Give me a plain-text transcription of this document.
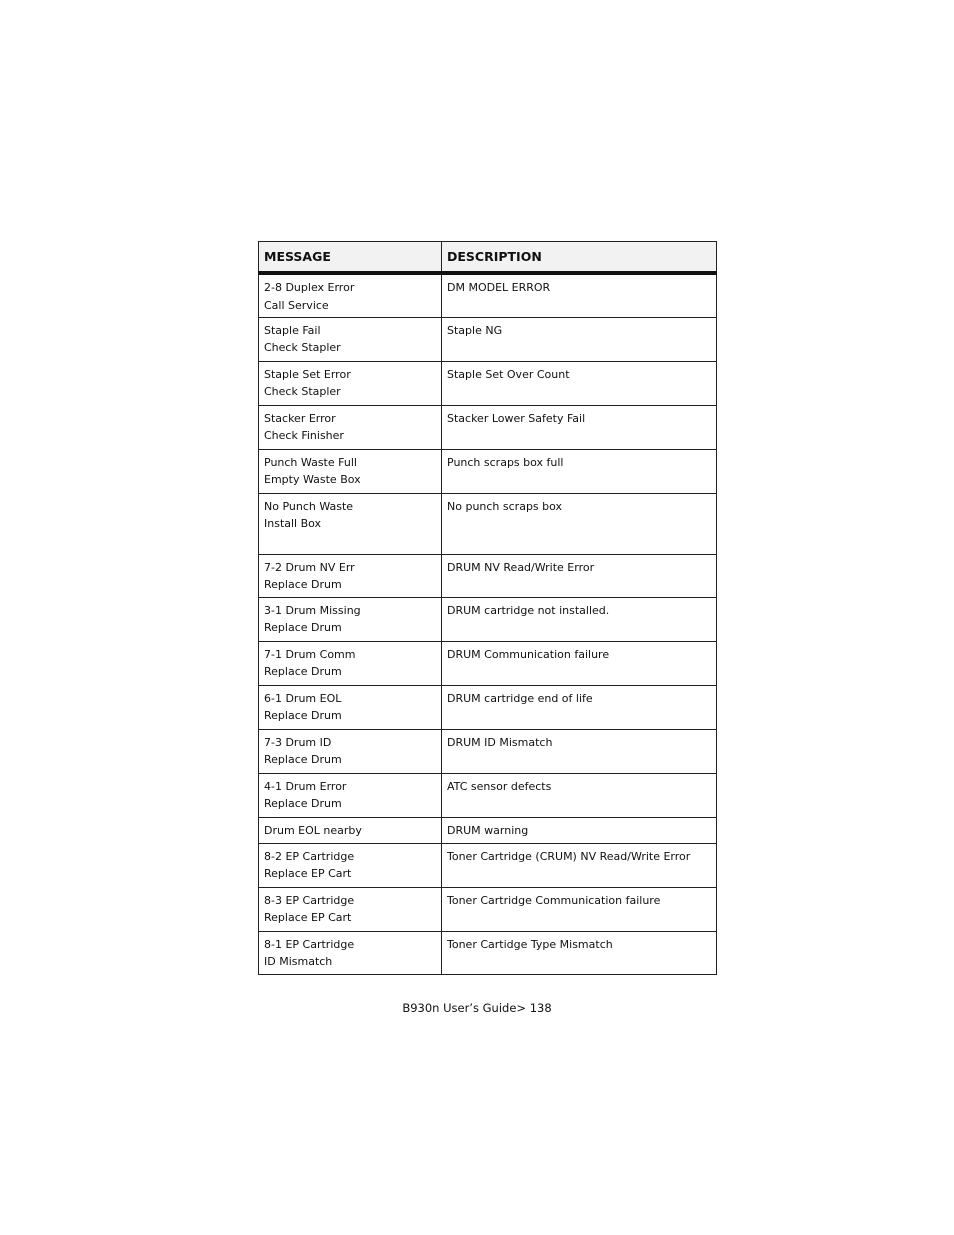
MESSAGE	DESCRIPTION

2-8 Duplex Error
Call Service	DM MODEL ERROR

Staple Fail
Check Stapler	Staple NG

Staple Set Error
Check Stapler	Staple Set Over Count

Stacker Error
Check Finisher	Stacker Lower Safety Fail

Punch Waste Full
Empty Waste Box	Punch scraps box full

No Punch Waste
Install Box	No punch scraps box

7-2 Drum NV Err
Replace Drum	DRUM NV Read/Write Error

3-1 Drum Missing
Replace Drum	DRUM cartridge not installed.

7-1 Drum Comm
Replace Drum	DRUM Communication failure

6-1 Drum EOL
Replace Drum	DRUM cartridge end of life

7-3 Drum ID
Replace Drum	DRUM ID Mismatch

4-1 Drum Error
Replace Drum	ATC sensor defects

Drum EOL nearby	DRUM warning

8-2 EP Cartridge
Replace EP Cart	Toner Cartridge (CRUM) NV Read/Write Error

8-3 EP Cartridge
Replace EP Cart	Toner Cartridge Communication failure

8-1 EP Cartridge
ID Mismatch	Toner Cartidge Type Mismatch
B930n User’s Guide> 138
